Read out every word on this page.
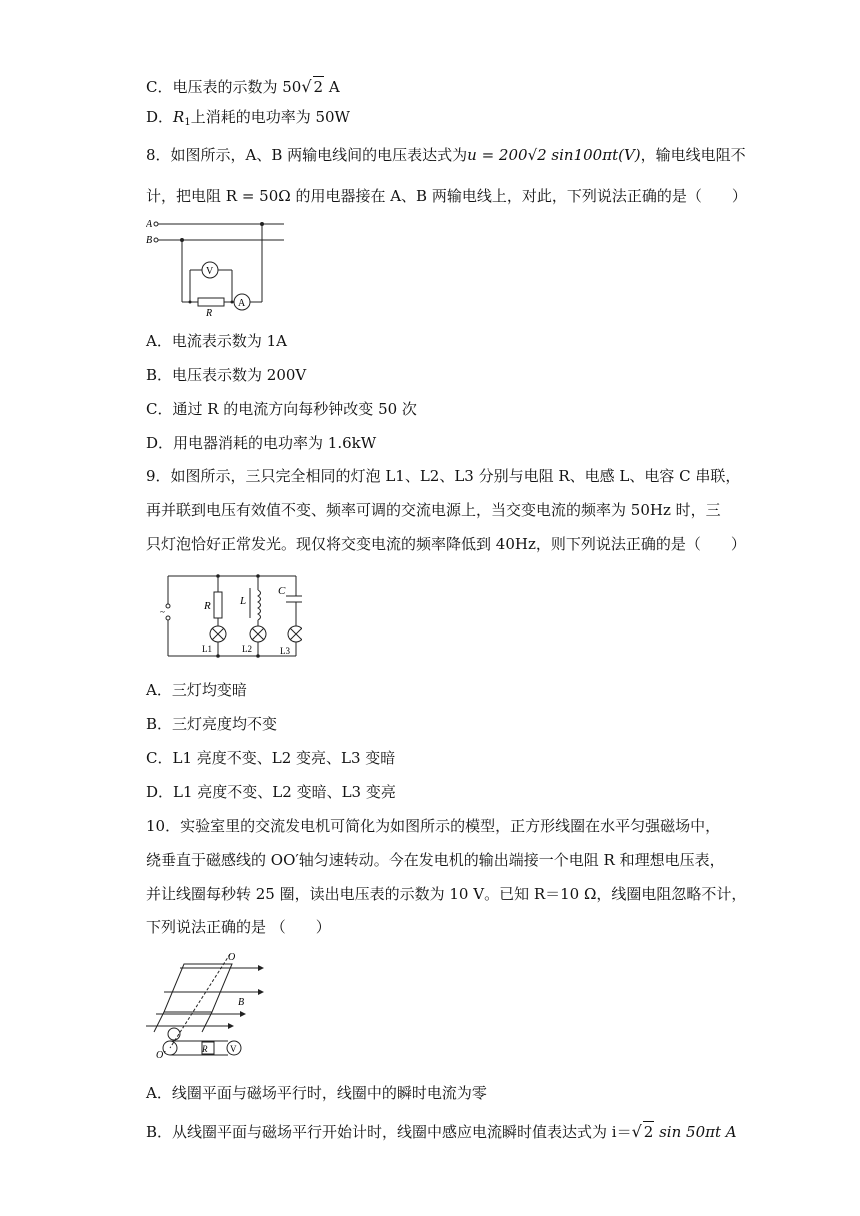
C．电压表的示数为 50√ 2 A
D．$R_1$上消耗的电功率为 50W
8．如图所示，A、B 两输电线间的电压表达式为u = 200√2 sin100πt(V)，输电线电阻不
计，把电阻 R = 50Ω 的用电器接在 A、B 两输电线上，对此，下列说法正确的是（　　）
A
B
V
A
R
A．电流表示数为 1A
B．电压表示数为 200V
C．通过 R 的电流方向每秒钟改变 50 次
D．用电器消耗的电功率为 1.6kW
9．如图所示，三只完全相同的灯泡 L1、L2、L3 分别与电阻 R、电感 L、电容 C 串联，
再并联到电压有效值不变、频率可调的交流电源上，当交变电流的频率为 50Hz 时，三
只灯泡恰好正常发光。现仅将交变电流的频率降低到 40Hz，则下列说法正确的是（　　）
~	R	L
C
L1	L2	L3
A．三灯均变暗
B．三灯亮度均不变
C．L1 亮度不变、L2 变亮、L3 变暗
D．L1 亮度不变、L2 变暗、L3 变亮
10．实验室里的交流发电机可简化为如图所示的模型，正方形线圈在水平匀强磁场中，
绕垂直于磁感线的 OO′轴匀速转动。今在发电机的输出端接一个电阻 R 和理想电压表，
并让线圈每秒转 25 圈，读出电压表的示数为 10 V。已知 R＝10 Ω，线圈电阻忽略不计，
下列说法正确的是 （　　）
O
O′
B
R	V
A．线圈平面与磁场平行时，线圈中的瞬时电流为零
B．从线圈平面与磁场平行开始计时，线圈中感应电流瞬时值表达式为 i＝√ 2 sin 50πt A
